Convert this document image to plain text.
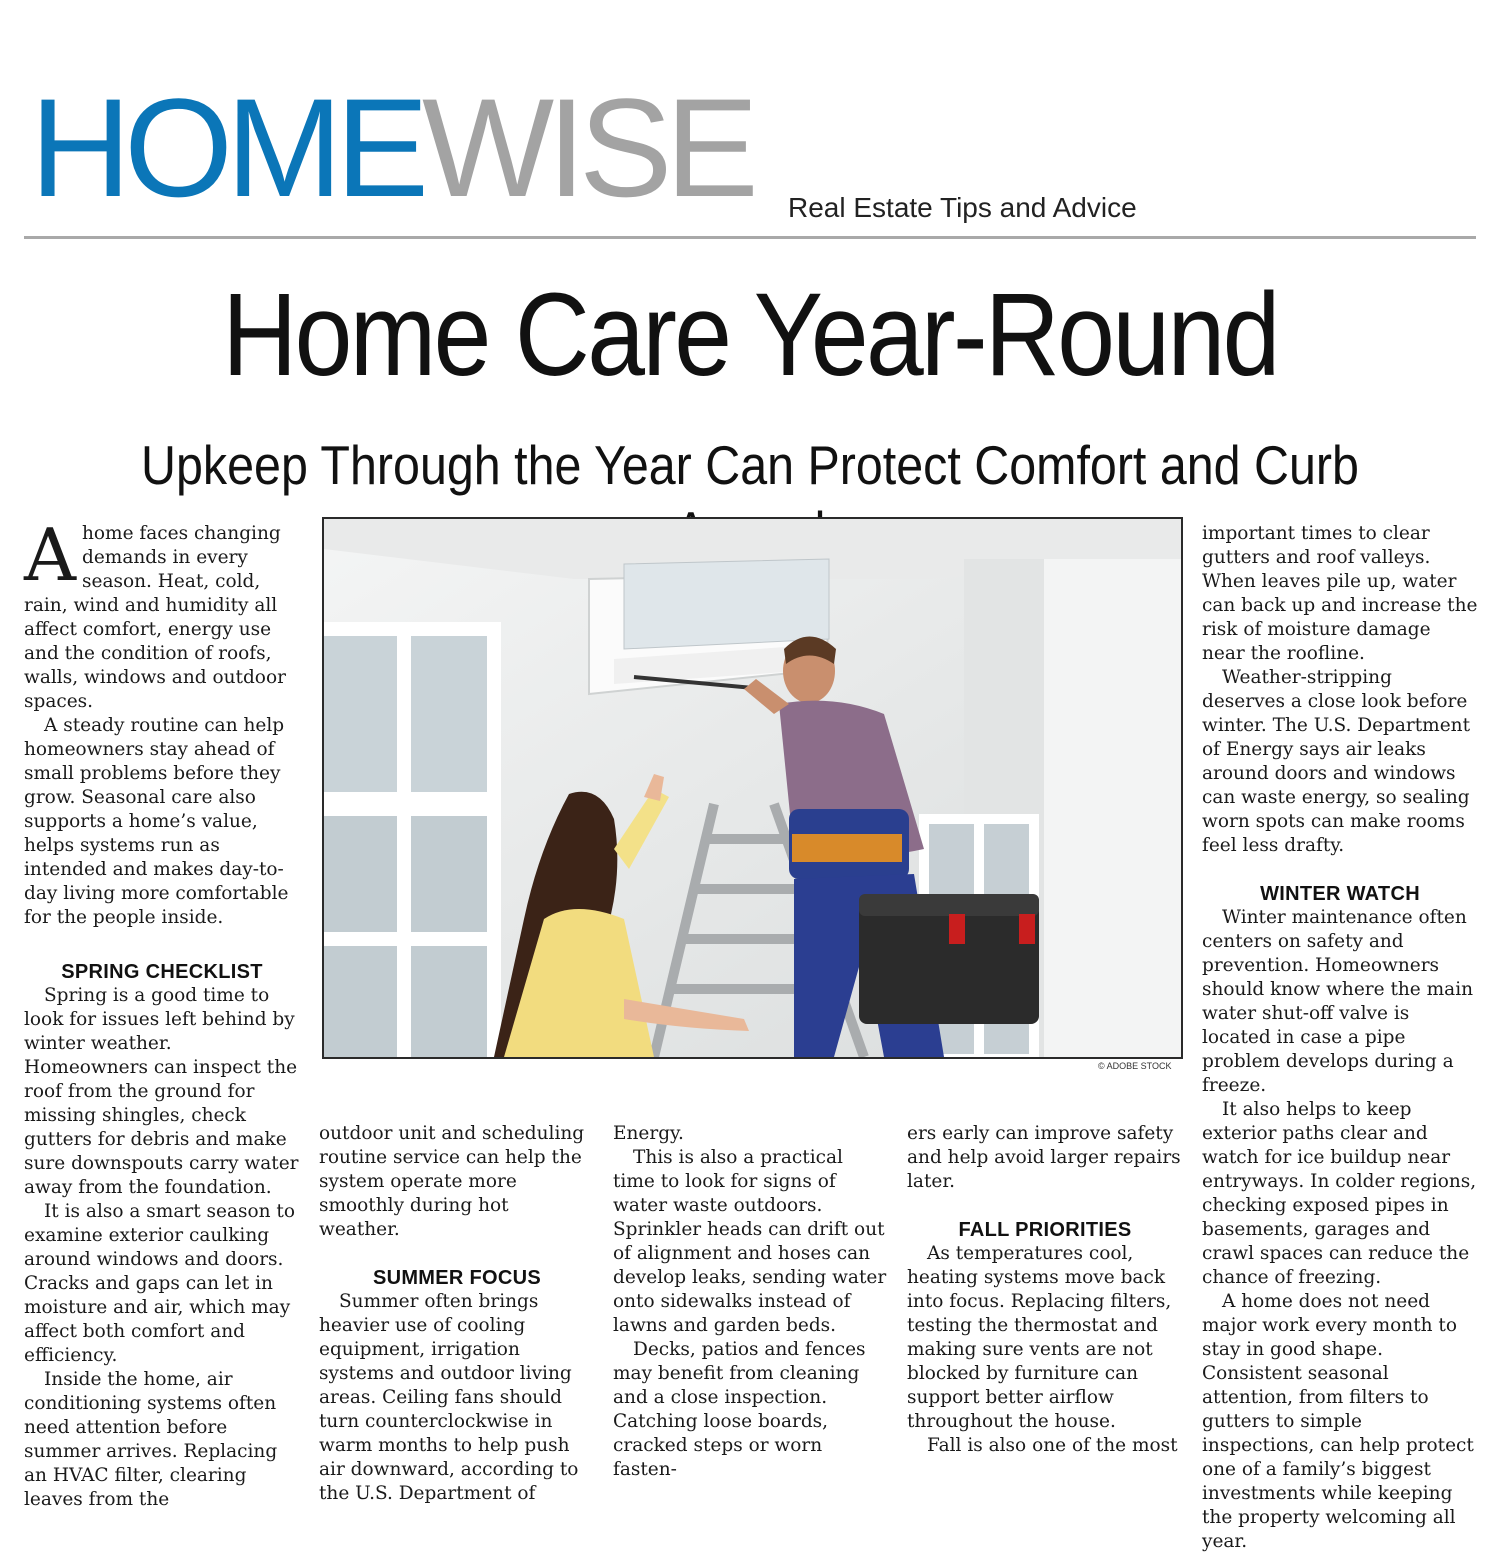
HOMEWISE Real Estate Tips and Advice
Home Care Year-Round
Upkeep Through the Year Can Protect Comfort and Curb

Ahome faces changing demands in every season. Heat, cold, rain, wind and humidity all affect comfort, energy use and the condition of roofs, walls, windows and outdoor spaces.

A steady routine can help homeowners stay ahead of small problems before they grow. Seasonal care also supports a home’s value, helps systems run as intended and makes day-to-day living more comfortable for the people inside.

SPRING CHECKLIST

Spring is a good time to look for issues left behind by winter weather. Homeowners can inspect the roof from the ground for missing shingles, check gutters for debris and make sure downspouts carry water away from the foundation.

It is also a smart season to examine exterior caulking around windows and doors. Cracks and gaps can let in moisture and air, which may affect both comfort and efficiency.

Inside the home, air conditioning systems often need attention before summer arrives. Replacing an HVAC filter, clearing leaves from the

© ADOBE STOCK

outdoor unit and scheduling routine service can help the system operate more smoothly during hot weather.

SUMMER FOCUS

Summer often brings heavier use of cooling equipment, irrigation systems and outdoor living areas. Ceiling fans should turn counterclockwise in warm months to help push air downward, according to the U.S. Department of

Energy.

This is also a practical time to look for signs of water waste outdoors. Sprinkler heads can drift out of alignment and hoses can develop leaks, sending water onto sidewalks instead of lawns and garden beds.

Decks, patios and fences may benefit from cleaning and a close inspection. Catching loose boards, cracked steps or worn fasten-

ers early can improve safety and help avoid larger repairs later.

FALL PRIORITIES

As temperatures cool, heating systems move back into focus. Replacing filters, testing the thermostat and making sure vents are not blocked by furniture can support better airflow throughout the house.

Fall is also one of the most

important times to clear gutters and roof valleys. When leaves pile up, water can back up and increase the risk of moisture damage near the roofline.

Weather-stripping deserves a close look before winter. The U.S. Department of Energy says air leaks around doors and windows can waste energy, so sealing worn spots can make rooms feel less drafty.

WINTER WATCH

Winter maintenance often centers on safety and prevention. Homeowners should know where the main water shut-off valve is located in case a pipe problem develops during a freeze.

It also helps to keep exterior paths clear and watch for ice buildup near entryways. In colder regions, checking exposed pipes in basements, garages and crawl spaces can reduce the chance of freezing.

A home does not need major work every month to stay in good shape. Consistent seasonal attention, from filters to gutters to simple inspections, can help protect one of a family’s biggest investments while keeping the property welcoming all year.
